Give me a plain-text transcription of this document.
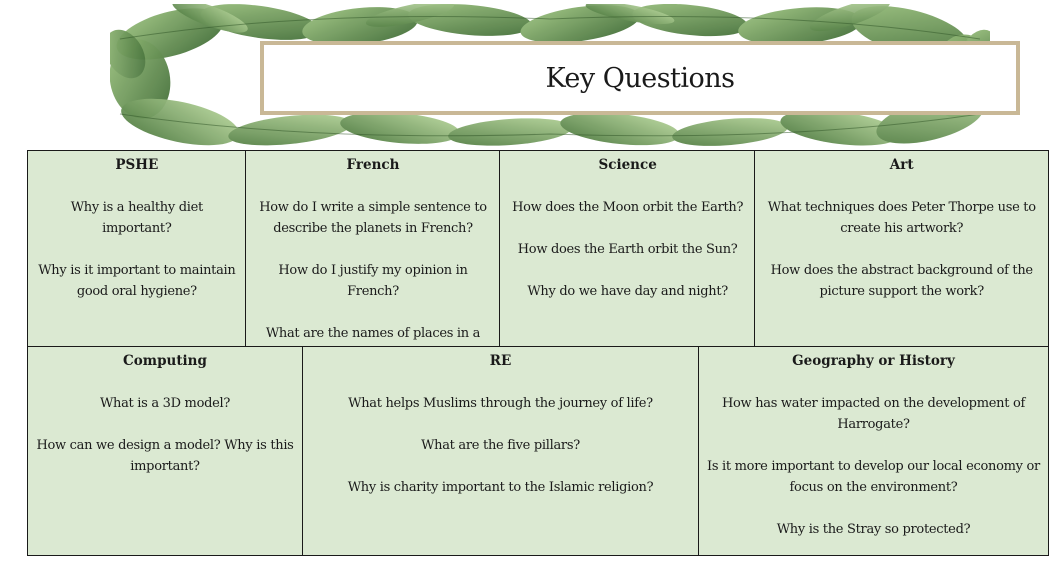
Key Questions
PSHE
Why is a healthy diet important?
Why is it important to maintain good oral hygiene?
French
How do I write a simple sentence to describe the planets in French?
How do I justify my opinion in French?
What are the names of places in a
Science
How does the Moon orbit the Earth?
How does the Earth orbit the Sun?
Why do we have day and night?
Art
What techniques does Peter Thorpe use to create his artwork?
How does the abstract background of the picture support the work?
Computing
What is a 3D model?
How can we design a model? Why is this important?
RE
What helps Muslims through the journey of life?
What are the five pillars?
Why is charity important to the Islamic religion?
Geography or History
How has water impacted on the development of Harrogate?
Is it more important to develop our local economy or focus on the environment?
Why is the Stray so protected?
